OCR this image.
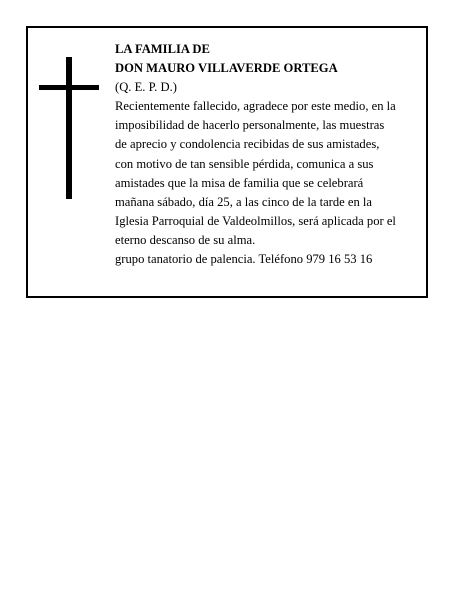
LA FAMILIA DE
DON MAURO VILLAVERDE ORTEGA
(Q. E. P. D.)
Recientemente fallecido, agradece por este medio, en la
imposibilidad de hacerlo personalmente, las muestras
de aprecio y condolencia recibidas de sus amistades,
con motivo de tan sensible pérdida, comunica a sus
amistades que la misa de familia que se celebrará
mañana sábado, día 25, a las cinco de la tarde en la
Iglesia Parroquial de Valdeolmillos, será aplicada por el
eterno descanso de su alma.
grupo tanatorio de palencia. Teléfono 979 16 53 16
